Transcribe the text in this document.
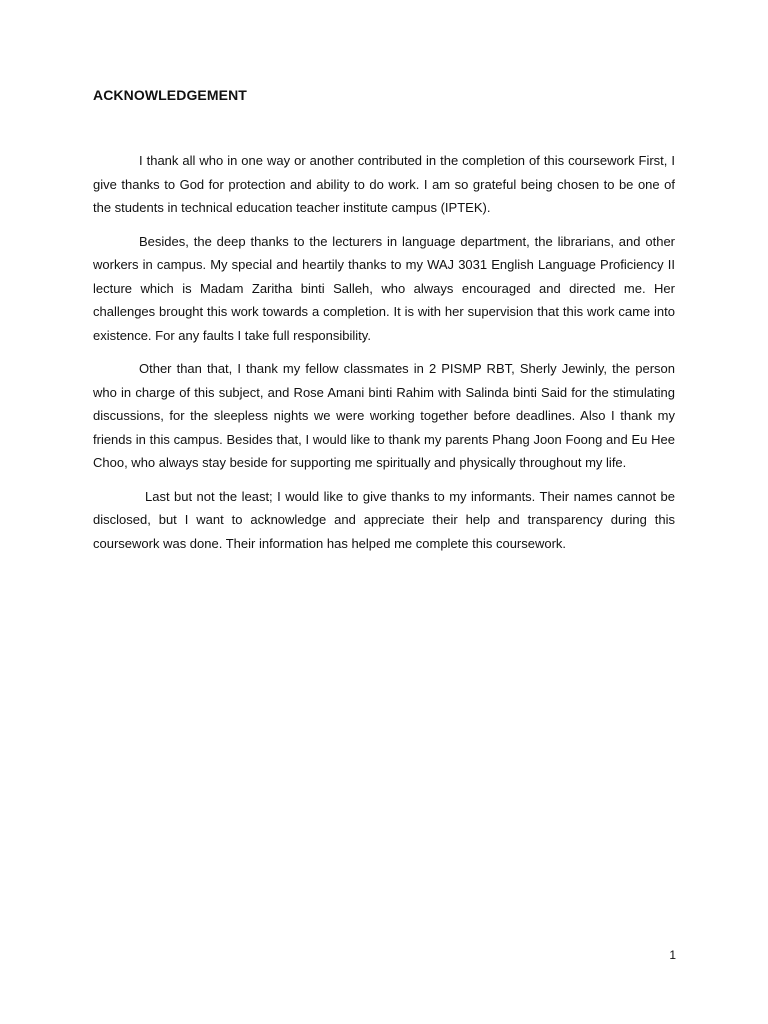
ACKNOWLEDGEMENT

I thank all who in one way or another contributed in the completion of this coursework First, I give thanks to God for protection and ability to do work. I am so grateful being chosen to be one of the students in technical education teacher institute campus (IPTEK).

Besides, the deep thanks to the lecturers in language department, the librarians, and other workers in campus. My special and heartily thanks to my WAJ 3031 English Language Proficiency II lecture which is Madam Zaritha binti Salleh, who always encouraged and directed me. Her challenges brought this work towards a completion. It is with her supervision that this work came into existence. For any faults I take full responsibility.

Other than that, I thank my fellow classmates in 2 PISMP RBT, Sherly Jewinly, the person who in charge of this subject, and Rose Amani binti Rahim with Salinda binti Said for the stimulating discussions, for the sleepless nights we were working together before deadlines. Also I thank my friends in this campus. Besides that, I would like to thank my parents Phang Joon Foong and Eu Hee Choo, who always stay beside for supporting me spiritually and physically throughout my life.

Last but not the least; I would like to give thanks to my informants. Their names cannot be disclosed, but I want to acknowledge and appreciate their help and transparency during this coursework was done. Their information has helped me complete this coursework.

1
